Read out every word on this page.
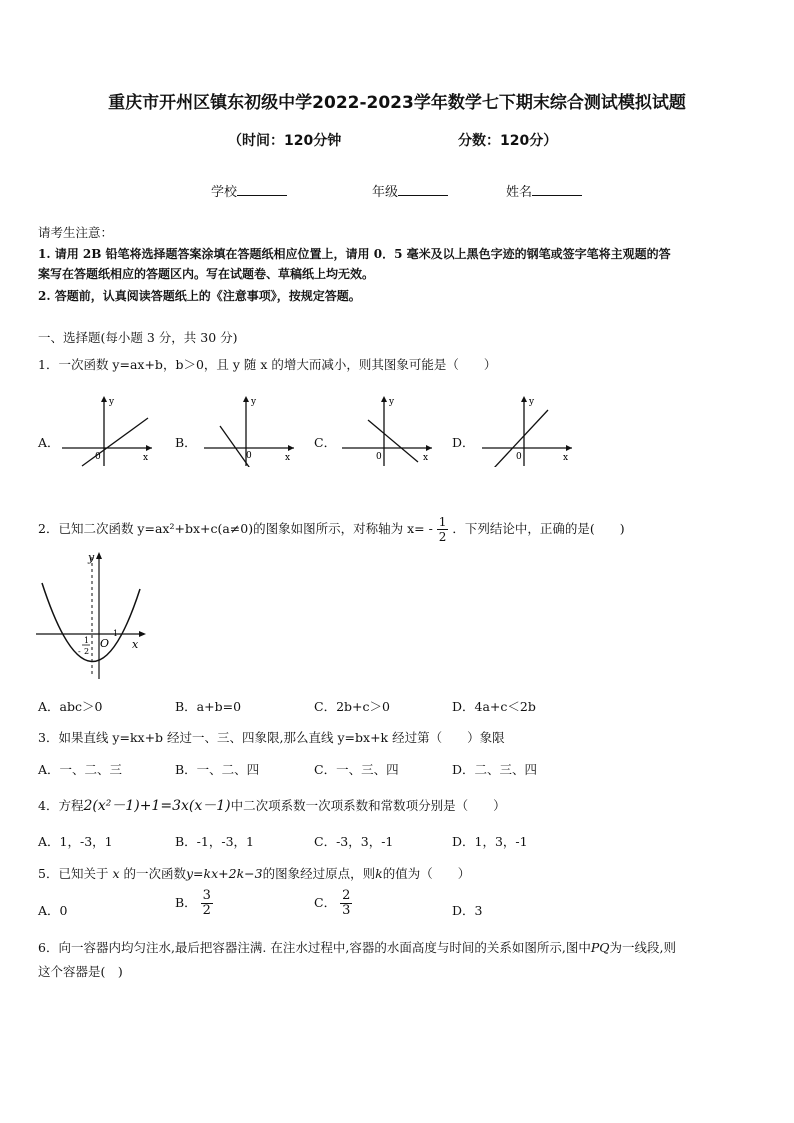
重庆市开州区镇东初级中学2022-2023学年数学七下期末综合测试模拟试题
（时间：120分钟	分数：120分）
学校	年级	姓名
请考生注意：
1. 请用 2B 铅笔将选择题答案涂填在答题纸相应位置上，请用 0．5 毫米及以上黑色字迹的钢笔或签字笔将主观题的答
案写在答题纸相应的答题区内。写在试题卷、草稿纸上均无效。
2. 答题前，认真阅读答题纸上的《注意事项》，按规定答题。
一、选择题(每小题 3 分，共 30 分)
1．一次函数 y=ax+b，b＞0，且 y 随 x 的增大而减小，则其图象可能是（　　）
A．
y
x
0
B．
y
x
0
C．
y
x
0
D．
y
x
0
2．已知二次函数 y=ax²+bx+c(a≠0)的图象如图所示，对称轴为 $x= - \frac{1}{2}$ ．下列结论中，正确的是(　　)
y
x
O
1
1
- 2
A．abc＞0	B．a+b=0	C．2b+c＞0	D．4a+c＜2b
3．如果直线 y=kx+b 经过一、三、四象限,那么直线 y=bx+k 经过第（　　）象限
A．一、二、三	B．一、二、四	C．一、三、四	D．二、三、四
4．方程2(x²－1)+1=3x(x－1)中二次项系数一次项系数和常数项分别是（　　）
A．1，-3，1	B．-1，-3，1	C．-3，3，-1	D．1，3，-1
5．已知关于 x 的一次函数y=kx+2k−3的图象经过原点，则k的值为（　　）
A．0
B． $\frac{3}{2}$	C． $\frac{2}{3}$	D．3
6．向一容器内均匀注水,最后把容器注满. 在注水过程中,容器的水面高度与时间的关系如图所示,图中PQ为一线段,则
这个容器是(　)
